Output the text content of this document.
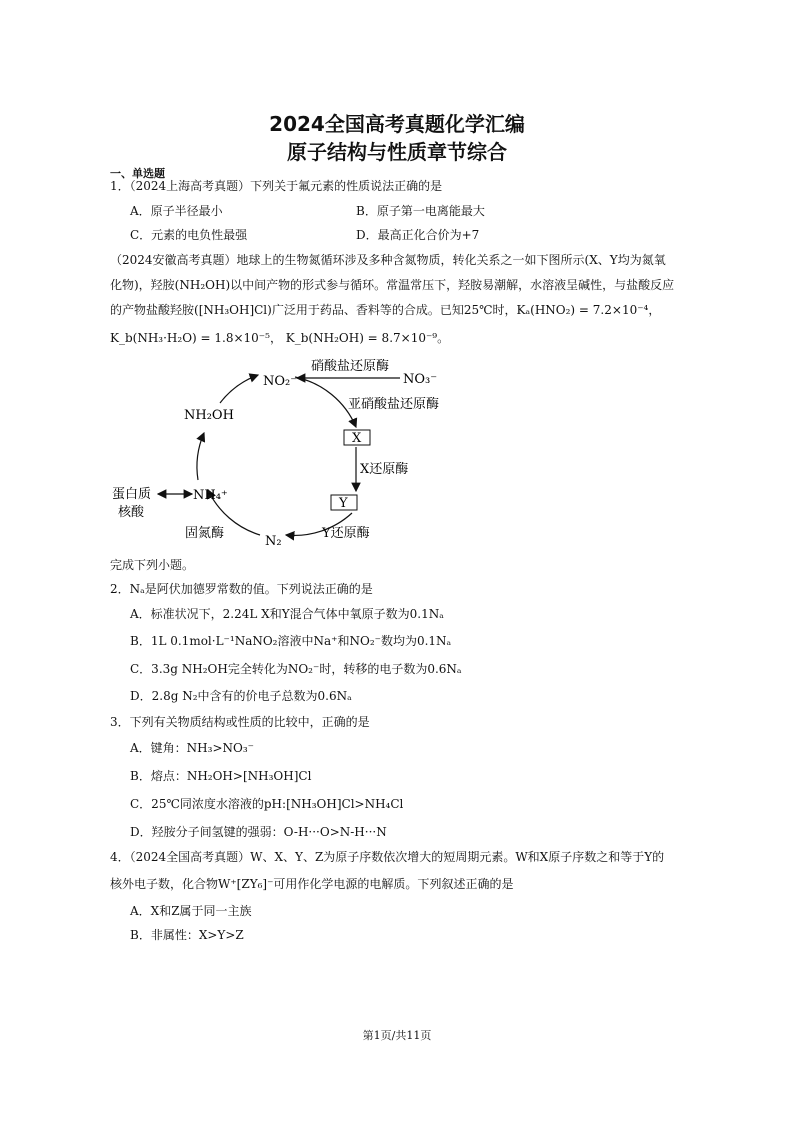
2024全国高考真题化学汇编
原子结构与性质章节综合
一、单选题
1．（2024上海高考真题）下列关于氟元素的性质说法正确的是
A．原子半径最小	B．原子第一电离能最大
C．元素的电负性最强	D．最高正化合价为+7
（2024安徽高考真题）地球上的生物氮循环涉及多种含氮物质，转化关系之一如下图所示(X、Y均为氮氧
化物)，羟胺(NH₂OH)以中间产物的形式参与循环。常温常压下，羟胺易潮解，水溶液呈碱性，与盐酸反应
的产物盐酸羟胺([NH₃OH]Cl)广泛用于药品、香料等的合成。已知25℃时，Kₐ(HNO₂) = 7.2×10⁻⁴，
K_b(NH₃·H₂O) = 1.8×10⁻⁵， K_b(NH₂OH) = 8.7×10⁻⁹。
NO₂⁻	NO₃⁻
硝酸盐还原酶
亚硝酸盐还原酶
X
X还原酶
Y
Y还原酶
N₂
固氮酶
NH₄⁺
NH₂OH
蛋白质
核酸
完成下列小题。
2．Nₐ是阿伏加德罗常数的值。下列说法正确的是
A．标准状况下，2.24L X和Y混合气体中氧原子数为0.1Nₐ
B．1L 0.1mol·L⁻¹NaNO₂溶液中Na⁺和NO₂⁻数均为0.1Nₐ
C．3.3g NH₂OH完全转化为NO₂⁻时，转移的电子数为0.6Nₐ
D．2.8g N₂中含有的价电子总数为0.6Nₐ
3．下列有关物质结构或性质的比较中，正确的是
A．键角：NH₃>NO₃⁻
B．熔点：NH₂OH>[NH₃OH]Cl
C．25℃同浓度水溶液的pH:[NH₃OH]Cl>NH₄Cl
D．羟胺分子间氢键的强弱：O-H···O>N-H···N
4．（2024全国高考真题）W、X、Y、Z为原子序数依次增大的短周期元素。W和X原子序数之和等于Y的
核外电子数，化合物W⁺[ZY₆]⁻可用作化学电源的电解质。下列叙述正确的是
A．X和Z属于同一主族
B．非属性：X>Y>Z
第1页/共11页
